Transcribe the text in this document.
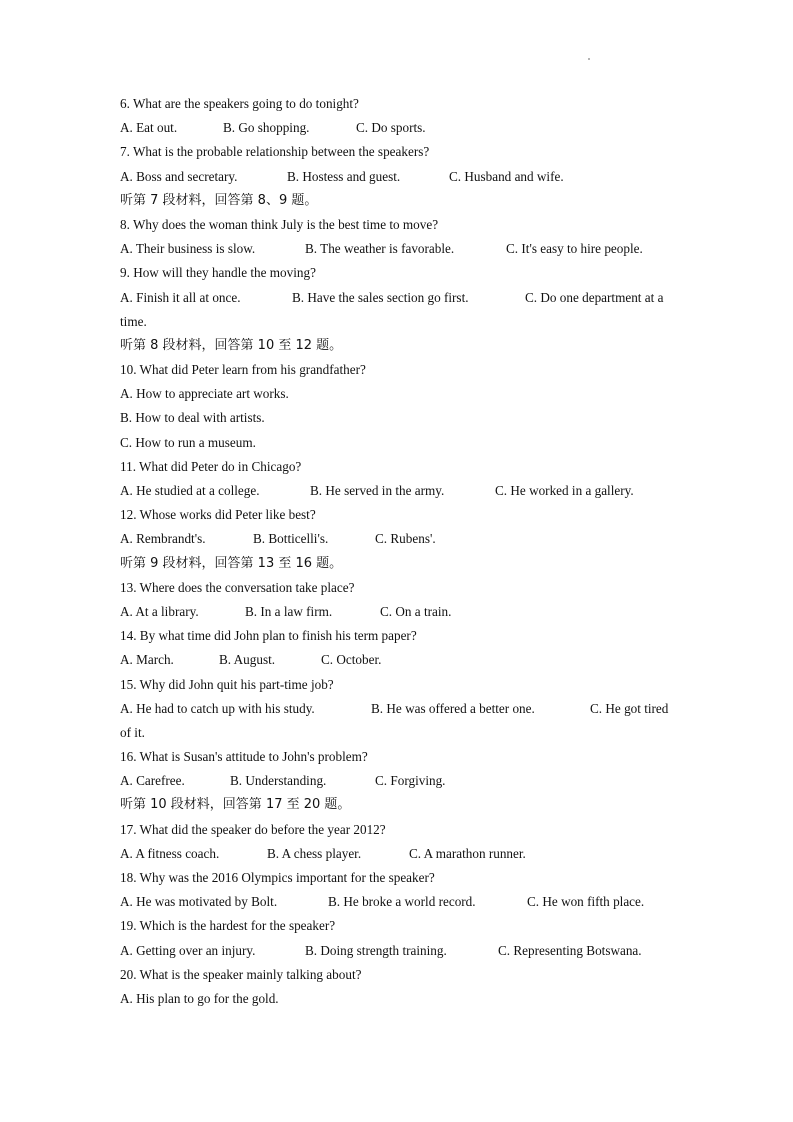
6. What are the speakers going to do tonight?
A. Eat out.	B. Go shopping.	C. Do sports.
7. What is the probable relationship between the speakers?
A. Boss and secretary.	B. Hostess and guest.	C. Husband and wife.
听第 7 段材料，回答第 8、9 题。
8. Why does the woman think July is the best time to move?
A. Their business is slow.	B. The weather is favorable.	C. It's easy to hire people.
9. How will they handle the moving?
A. Finish it all at once.	B. Have the sales section go first.	C. Do one department at a
time.
听第 8 段材料，回答第 10 至 12 题。
10. What did Peter learn from his grandfather?
A. How to appreciate art works.
B. How to deal with artists.
C. How to run a museum.
11. What did Peter do in Chicago?
A. He studied at a college.	B. He served in the army.	C. He worked in a gallery.
12. Whose works did Peter like best?
A. Rembrandt's.	B. Botticelli's.	C. Rubens'.
听第 9 段材料，回答第 13 至 16 题。
13. Where does the conversation take place?
A. At a library.	B. In a law firm.	C. On a train.
14. By what time did John plan to finish his term paper?
A. March.	B. August.	C. October.
15. Why did John quit his part-time job?
A. He had to catch up with his study.	B. He was offered a better one.	C. He got tired
of it.
16. What is Susan's attitude to John's problem?
A. Carefree.	B. Understanding.	C. Forgiving.
听第 10 段材料，回答第 17 至 20 题。
17. What did the speaker do before the year 2012?
A. A fitness coach.	B. A chess player.	C. A marathon runner.
18. Why was the 2016 Olympics important for the speaker?
A. He was motivated by Bolt.	B. He broke a world record.	C. He won fifth place.
19. Which is the hardest for the speaker?
A. Getting over an injury.	B. Doing strength training.	C. Representing Botswana.
20. What is the speaker mainly talking about?
A. His plan to go for the gold.
